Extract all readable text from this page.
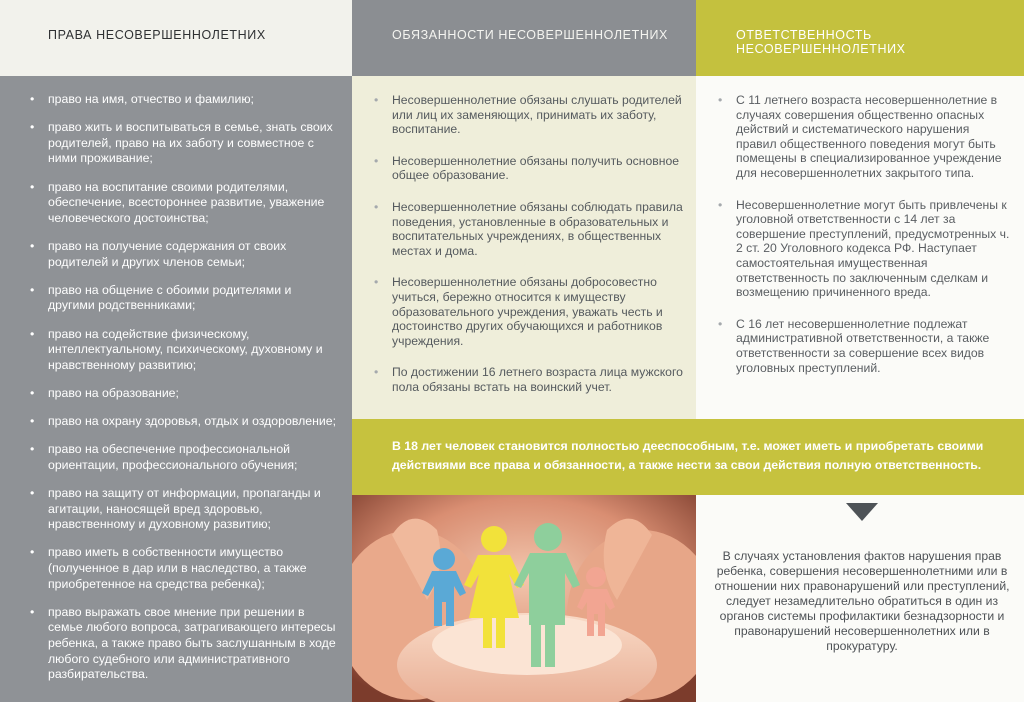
ПРАВА НЕСОВЕРШЕННОЛЕТНИХ
• право на имя, отчество и фамилию;
• право жить и воспитываться в семье, знать своих родителей, право на их заботу и совместное с ними проживание;
• право на воспитание своими родителями, обеспечение, всестороннее развитие, уважение человеческого достоинства;
• право на получение содержания от своих родителей и других членов семьи;
• право на общение с обоими родителями и другими родственниками;
• право на содействие физическому, интеллектуальному, психическому, духовному и нравственному развитию;
• право на образование;
• право на охрану здоровья, отдых и оздоровление;
• право на обеспечение профессиональной ориентации, профессионального обучения;
• право на защиту от информации, пропаганды и агитации, наносящей вред здоровью, нравственному и духовному развитию;
• право иметь в собственности имущество (полученное в дар или в наследство, а также приобретенное на средства ребенка);
• право выражать свое мнение при решении в семье любого вопроса, затрагивающего интересы ребенка, а также право быть заслушанным в ходе любого судебного или административного разбирательства.
ОБЯЗАННОСТИ НЕСОВЕРШЕННОЛЕТНИХ
• Несовершеннолетние обязаны слушать родителей или лиц их заменяющих, принимать их заботу, воспитание.
• Несовершеннолетние обязаны получить основное общее образование.
• Несовершеннолетние обязаны соблюдать правила поведения, установленные в образовательных и воспитательных учреждениях, в общественных местах и дома.
• Несовершеннолетние обязаны добросовестно учиться, бережно относится к имуществу образовательного учреждения, уважать честь и достоинство других обучающихся и работников учреждения.
• По достижении 16 летнего возраста лица мужского пола обязаны встать на воинский учет.
ОТВЕТСТВЕННОСТЬ НЕСОВЕРШЕННОЛЕТНИХ
• С 11 летнего возраста несовершеннолетние в случаях совершения общественно опасных действий и систематического нарушения правил общественного поведения могут быть помещены в специализированное учреждение для несовершеннолетних закрытого типа.
• Несовершеннолетние могут быть привлечены к уголовной ответственности с 14 лет за совершение преступлений, предусмотренных ч. 2 ст. 20 Уголовного кодекса РФ. Наступает самостоятельная имущественная ответственность по заключенным сделкам и возмещению причиненного вреда.
• С 16 лет несовершеннолетние подлежат административной ответственности, а также ответственности за совершение всех видов уголовных преступлений.
В 18 лет человек становится полностью дееспособным, т.е. может иметь и приобретать своими действиями все права и обязанности, а также нести за свои действия полную ответственность.
В случаях установления фактов нарушения прав ребенка, совершения несовершеннолетними или в отношении них правонарушений или преступлений, следует незамедлительно обратиться в один из органов системы профилактики безнадзорности и правонарушений несовершеннолетних или в прокуратуру.
